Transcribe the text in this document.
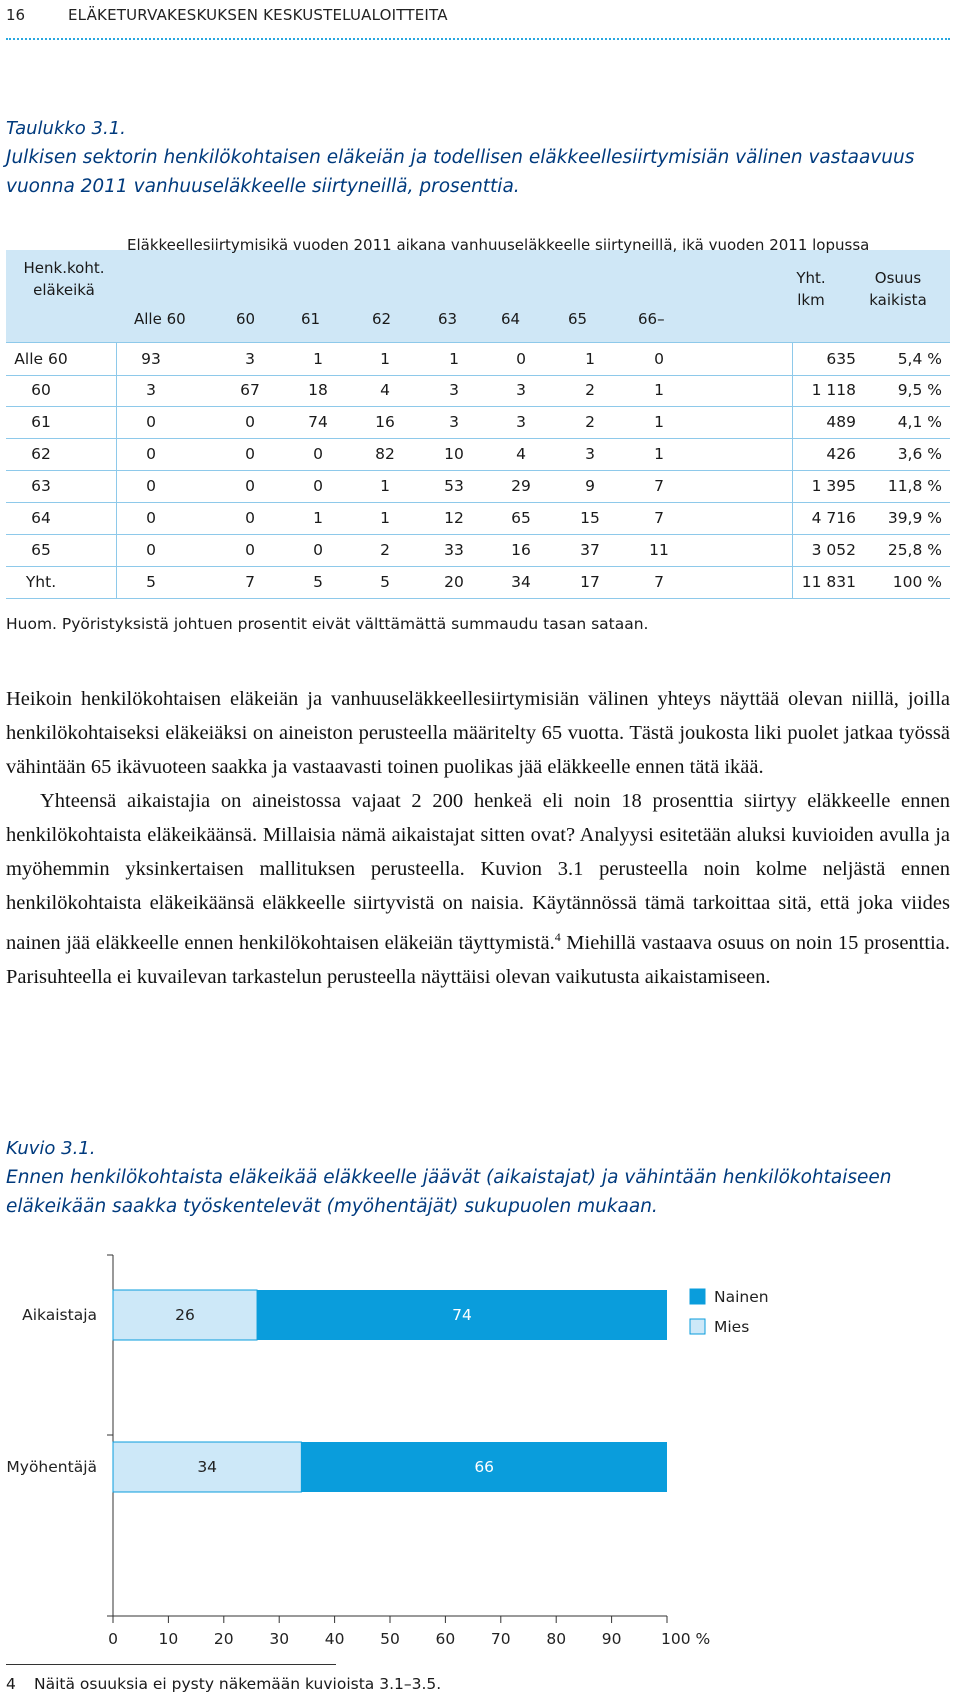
16	ELÄKETURVAKESKUKSEN KESKUSTELUALOITTEITA
Taulukko 3.1.
Julkisen sektorin henkilökohtaisen eläkeiän ja todellisen eläkkeellesiirtymisiän välinen vastaavuus vuonna 2011 vanhuuseläkkeelle siirtyneillä, prosenttia.
Henk.koht. eläkeikä
Eläkkeellesiirtymisikä vuoden 2011 aikana vanhuuseläkkeelle siirtyneillä, ikä vuoden 2011 lopussa
Alle 60	60	61	62	63	64	65	66–
Yht. lkm
Osuus kaikista
Alle 60	93	3	1	1	1	0	1	0	635	5,4 %
60	3	67	18	4	3	3	2	1	1 118	9,5 %
61	0	0	74	16	3	3	2	1	489	4,1 %
62	0	0	0	82	10	4	3	1	426	3,6 %
63	0	0	0	1	53	29	9	7	1 395	11,8 %
64	0	0	1	1	12	65	15	7	4 716	39,9 %
65	0	0	0	2	33	16	37	11	3 052	25,8 %
Yht.	5	7	5	5	20	34	17	7	11 831	100 %
Huom. Pyöristyksistä johtuen prosentit eivät välttämättä summaudu tasan sataan.

Heikoin henkilökohtaisen eläkeiän ja vanhuuseläkkeellesiirtymisiän välinen yhteys näyttää olevan niillä, joilla henkilökohtaiseksi eläkeiäksi on aineiston perusteella määritelty 65 vuotta. Tästä joukosta liki puolet jatkaa työssä vähintään 65 ikävuoteen saakka ja vastaavasti toinen puolikas jää eläkkeelle ennen tätä ikää.

Yhteensä aikaistajia on aineistossa vajaat 2 200 henkeä eli noin 18 prosenttia siirtyy eläkkeelle ennen henkilökohtaista eläkeikäänsä. Millaisia nämä aikaistajat sitten ovat? Analyysi esitetään aluksi kuvioiden avulla ja myöhemmin yksinkertaisen mallituksen perusteella. Kuvion 3.1 perusteella noin kolme neljästä ennen henkilökohtaista eläkeikäänsä eläkkeelle siirtyvistä on naisia. Käytännössä tämä tarkoittaa sitä, että joka viides nainen jää eläkkeelle ennen henkilökohtaisen eläkeiän täyttymistä.$^4$ Miehillä vastaava osuus on noin 15 prosenttia. Parisuhteella ei kuvailevan tarkastelun perusteella näyttäisi olevan vaikutusta aikaistamiseen.

Kuvio 3.1.
Ennen henkilökohtaista eläkeikää eläkkeelle jäävät (aikaistajat) ja vähintään henkilökohtaiseen eläkeikään saakka työskentelevät (myöhentäjät) sukupuolen mukaan.
0	10 20 30 40 50 60 70 80 90	100 %
26	74
Aikaistaja
34	66
Myöhentäjä
Nainen
Mies
4 Näitä osuuksia ei pysty näkemään kuvioista 3.1–3.5.
